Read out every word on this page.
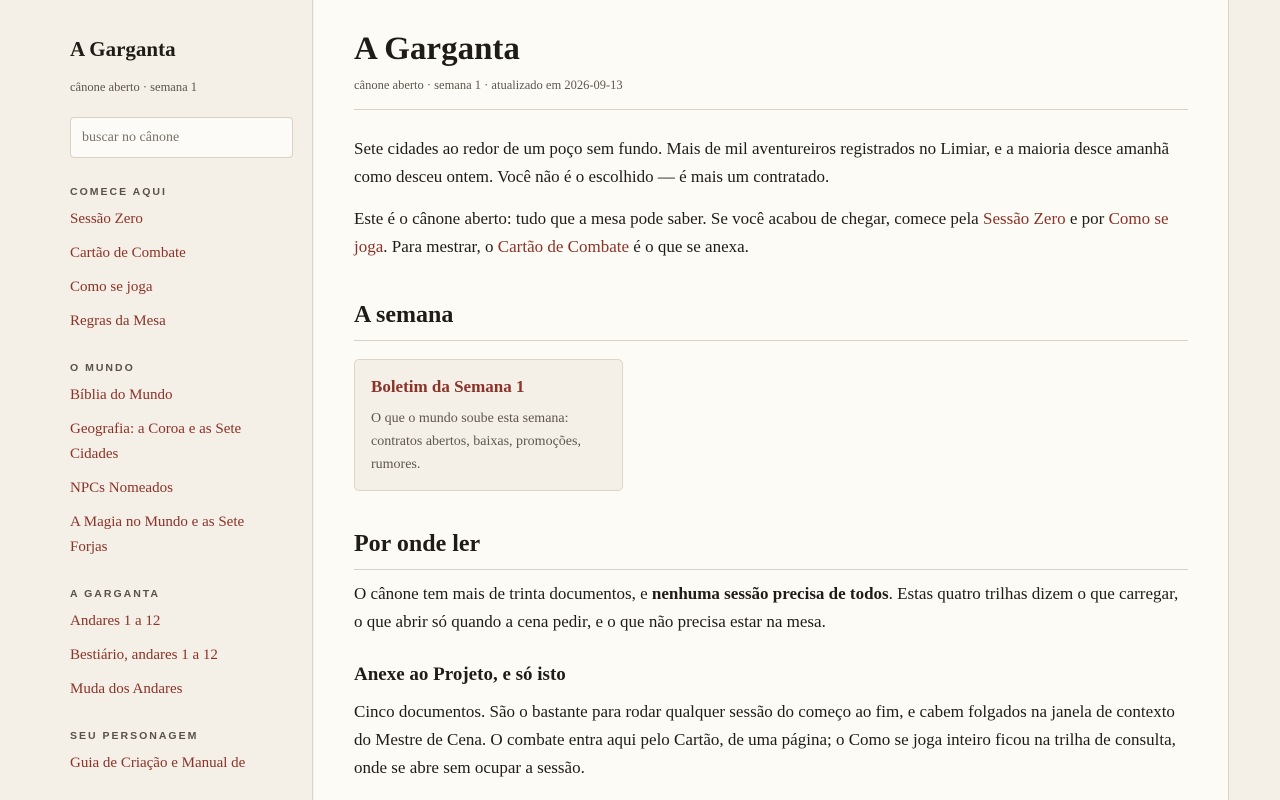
A Garganta
cânone aberto · semana 1
buscar no cânone
COMECE AQUI
Sessão Zero
Cartão de Combate
Como se joga
Regras da Mesa
O MUNDO
Bíblia do Mundo
Geografia: a Coroa e as Sete Cidades
NPCs Nomeados
A Magia no Mundo e as Sete Forjas
A GARGANTA
Andares 1 a 12
Bestiário, andares 1 a 12
Muda dos Andares
SEU PERSONAGEM
Guia de Criação e Manual de
A Garganta
cânone aberto · semana 1 · atualizado em 2026-09-13

Sete cidades ao redor de um poço sem fundo. Mais de mil aventureiros registrados no Limiar, e a maioria desce amanhã como desceu ontem. Você não é o escolhido — é mais um contratado.

Este é o cânone aberto: tudo que a mesa pode saber. Se você acabou de chegar, comece pela Sessão Zero e por Como se joga. Para mestrar, o Cartão de Combate é o que se anexa.

A semana
Boletim da Semana 1
O que o mundo soube esta semana: contratos abertos, baixas, promoções, rumores.
Por onde ler

O cânone tem mais de trinta documentos, e nenhuma sessão precisa de todos. Estas quatro trilhas dizem o que carregar, o que abrir só quando a cena pedir, e o que não precisa estar na mesa.

Anexe ao Projeto, e só isto

Cinco documentos. São o bastante para rodar qualquer sessão do começo ao fim, e cabem folgados na janela de contexto do Mestre de Cena. O combate entra aqui pelo Cartão, de uma página; o Como se joga inteiro ficou na trilha de consulta, onde se abre sem ocupar a sessão.
